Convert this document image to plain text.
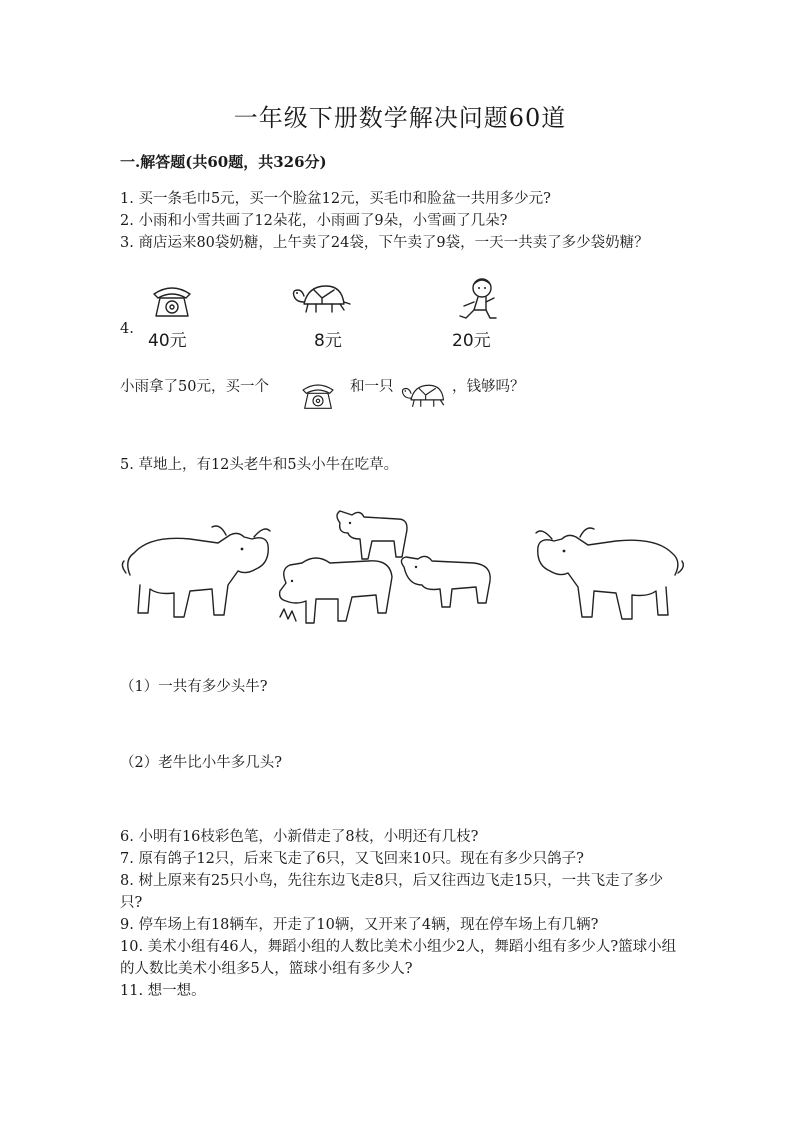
一年级下册数学解决问题60道
一.解答题(共60题，共326分)
1. 买一条毛巾5元，买一个脸盆12元，买毛巾和脸盆一共用多少元?
2. 小雨和小雪共画了12朵花，小雨画了9朵，小雪画了几朵?
3. 商店运来80袋奶糖，上午卖了24袋，下午卖了9袋，一天一共卖了多少袋奶糖？
4.
40元	8元	20元
小雨拿了50元，买一个	和一只	，钱够吗？
5. 草地上，有12头老牛和5头小牛在吃草。
（1）一共有多少头牛?
（2）老牛比小牛多几头?
6. 小明有16枝彩色笔，小新借走了8枝，小明还有几枝?
7. 原有鸽子12只，后来飞走了6只，又飞回来10只。现在有多少只鸽子?
8. 树上原来有25只小鸟，先往东边飞走8只，后又往西边飞走15只，一共飞走了多少只?
9. 停车场上有18辆车，开走了10辆，又开来了4辆，现在停车场上有几辆?
10. 美术小组有46人，舞蹈小组的人数比美术小组少2人，舞蹈小组有多少人?篮球小组的人数比美术小组多5人，篮球小组有多少人?
11. 想一想。
